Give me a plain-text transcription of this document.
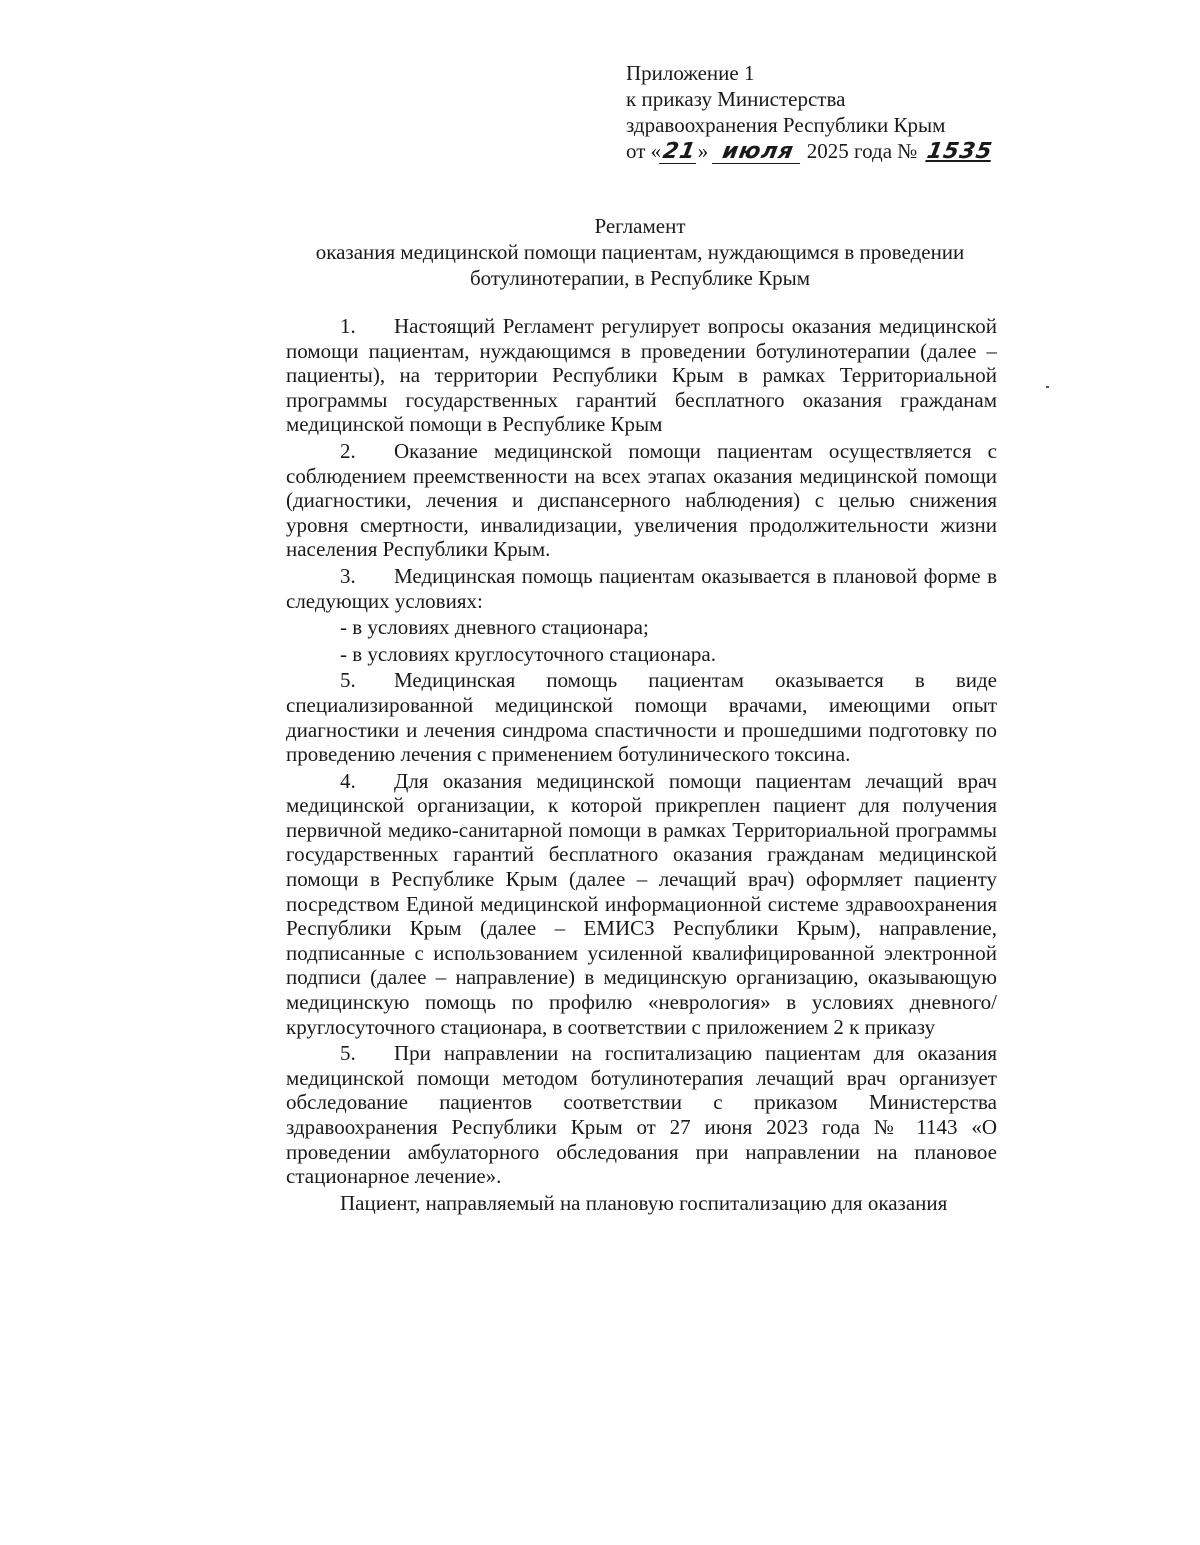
Приложение 1
к приказу Министерства
здравоохранения Республики Крым
от «21» июля 2025 года № 1535
Регламент
оказания медицинской помощи пациентам, нуждающимся в проведении
ботулинотерапии, в Республике Крым

1. Настоящий Регламент регулирует вопросы оказания медицинской помощи пациентам, нуждающимся в проведении ботулинотерапии (далее – пациенты), на территории Республики Крым в рамках Территориальной программы государственных гарантий бесплатного оказания гражданам медицинской помощи в Республике Крым

2. Оказание медицинской помощи пациентам осуществляется с соблюдением преемственности на всех этапах оказания медицинской помощи (диагностики, лечения и диспансерного наблюдения) с целью снижения уровня смертности, инвалидизации, увеличения продолжительности жизни населения Республики Крым.

3. Медицинская помощь пациентам оказывается в плановой форме в следующих условиях:

- в условиях дневного стационара;

- в условиях круглосуточного стационара.

5. Медицинская помощь пациентам оказывается в виде специализированной медицинской помощи врачами, имеющими опыт диагностики и лечения синдрома спастичности и прошедшими подготовку по проведению лечения с применением ботулинического токсина.

4. Для оказания медицинской помощи пациентам лечащий врач медицинской организации, к которой прикреплен пациент для получения первичной медико-санитарной помощи в рамках Территориальной программы государственных гарантий бесплатного оказания гражданам медицинской помощи в Республике Крым (далее – лечащий врач) оформляет пациенту посредством Единой медицинской информационной системе здравоохранения Республики Крым (далее – ЕМИСЗ Республики Крым), направление, подписанные с использованием усиленной квалифицированной электронной подписи (далее – направление) в медицинскую организацию, оказывающую медицинскую помощь по профилю «неврология» в условиях дневного/круглосуточного стационара, в соответствии с приложением 2 к приказу

5. При направлении на госпитализацию пациентам для оказания медицинской помощи методом ботулинотерапия лечащий врач организует обследование пациентов соответствии с приказом Министерства здравоохранения Республики Крым от 27 июня 2023 года № 1143 «О проведении амбулаторного обследования при направлении на плановое стационарное лечение».

Пациент, направляемый на плановую госпитализацию для оказания
